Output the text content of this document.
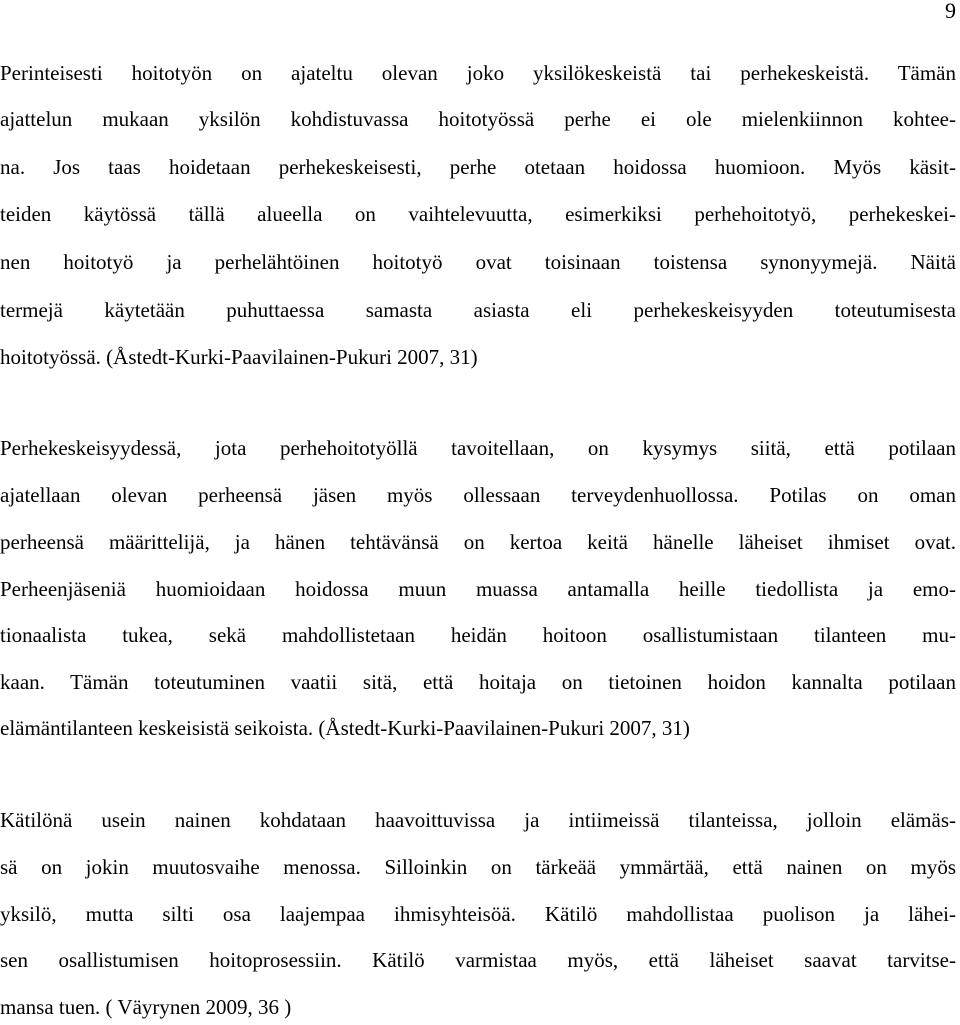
9
Perinteisesti hoitotyön on ajateltu olevan joko yksilökeskeistä tai perhekeskeistä. Tämän
ajattelun mukaan yksilön kohdistuvassa hoitotyössä perhe ei ole mielenkiinnon kohtee-
na. Jos taas hoidetaan perhekeskeisesti, perhe otetaan hoidossa huomioon. Myös käsit-
teiden käytössä tällä alueella on vaihtelevuutta, esimerkiksi perhehoitotyö, perhekeskei-
nen hoitotyö ja perhelähtöinen hoitotyö ovat toisinaan toistensa synonyymejä. Näitä
termejä käytetään puhuttaessa samasta asiasta eli perhekeskeisyyden toteutumisesta
hoitotyössä. (Åstedt-Kurki-Paavilainen-Pukuri 2007, 31)
Perhekeskeisyydessä, jota perhehoitotyöllä tavoitellaan, on kysymys siitä, että potilaan
ajatellaan olevan perheensä jäsen myös ollessaan terveydenhuollossa. Potilas on oman
perheensä määrittelijä, ja hänen tehtävänsä on kertoa keitä hänelle läheiset ihmiset ovat.
Perheenjäseniä huomioidaan hoidossa muun muassa antamalla heille tiedollista ja emo-
tionaalista tukea, sekä mahdollistetaan heidän hoitoon osallistumistaan tilanteen mu-
kaan. Tämän toteutuminen vaatii sitä, että hoitaja on tietoinen hoidon kannalta potilaan
elämäntilanteen keskeisistä seikoista. (Åstedt-Kurki-Paavilainen-Pukuri 2007, 31)
Kätilönä usein nainen kohdataan haavoittuvissa ja intiimeissä tilanteissa, jolloin elämäs-
sä on jokin muutosvaihe menossa. Silloinkin on tärkeää ymmärtää, että nainen on myös
yksilö, mutta silti osa laajempaa ihmisyhteisöä. Kätilö mahdollistaa puolison ja lähei-
sen osallistumisen hoitoprosessiin. Kätilö varmistaa myös, että läheiset saavat tarvitse-
mansa tuen. ( Väyrynen 2009, 36 )
